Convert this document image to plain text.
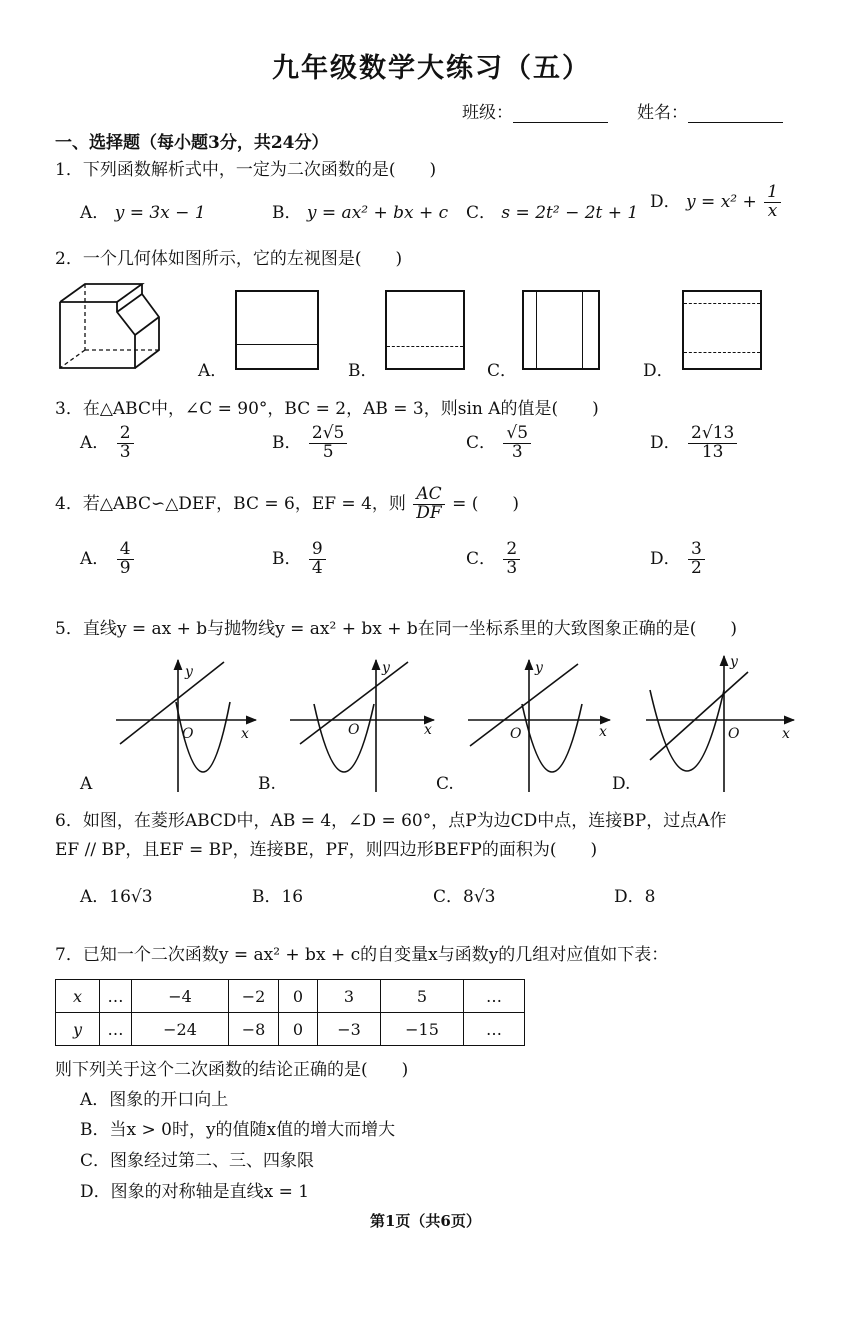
九年级数学大练习（五）
班级：	姓名：
一、选择题（每小题3分，共24分）
1．下列函数解析式中，一定为二次函数的是(　　)
A． y = 3x − 1	B． y = ax² + bx + c C． s = 2t² − 2t + 1
D． $y = x^2 + \frac{1}{x}$
2．一个几何体如图所示，它的左视图是(　　)
A．	B．	C．	D．
3．在△ABC中，∠C = 90°，BC = 2，AB = 3，则sin A的值是(　　)
A． $\frac{2}{3}$	B． $\frac{2√5}{5}$	C． $\frac{√5}{3}$	D． $\frac{2√13}{13}$
4．若△ABC∽△DEF，BC = 6，EF = 4，则 $\frac{AC}{DF}$ = (　　)
A． $\frac{4}{9}$	B． $\frac{9}{4}$	C． $\frac{2}{3}$	D． $\frac{3}{2}$
5．直线y = ax + b与抛物线y = ax² + bx + b在同一坐标系里的大致图象正确的是(　　)
y
x
O
y
x
O
y
x
O
y
x
O
A	B.	C.	D.
6．如图，在菱形ABCD中，AB = 4，∠D = 60°，点P为边CD中点，连接BP，过点A作
EF // BP，且EF = BP，连接BE，PF，则四边形BEFP的面积为(　　)
A．16√3	B．16	C．8√3	D．8
7．已知一个二次函数y = ax² + bx + c的自变量x与函数y的几组对应值如下表：
x	…	−4	−2	0	3	5	…
y	…	−24	−8	0	−3	−15	…
则下列关于这个二次函数的结论正确的是(　　)
A．图象的开口向上
B．当x > 0时，y的值随x值的增大而增大
C．图象经过第二、三、四象限
D．图象的对称轴是直线x = 1
第1页（共6页）
